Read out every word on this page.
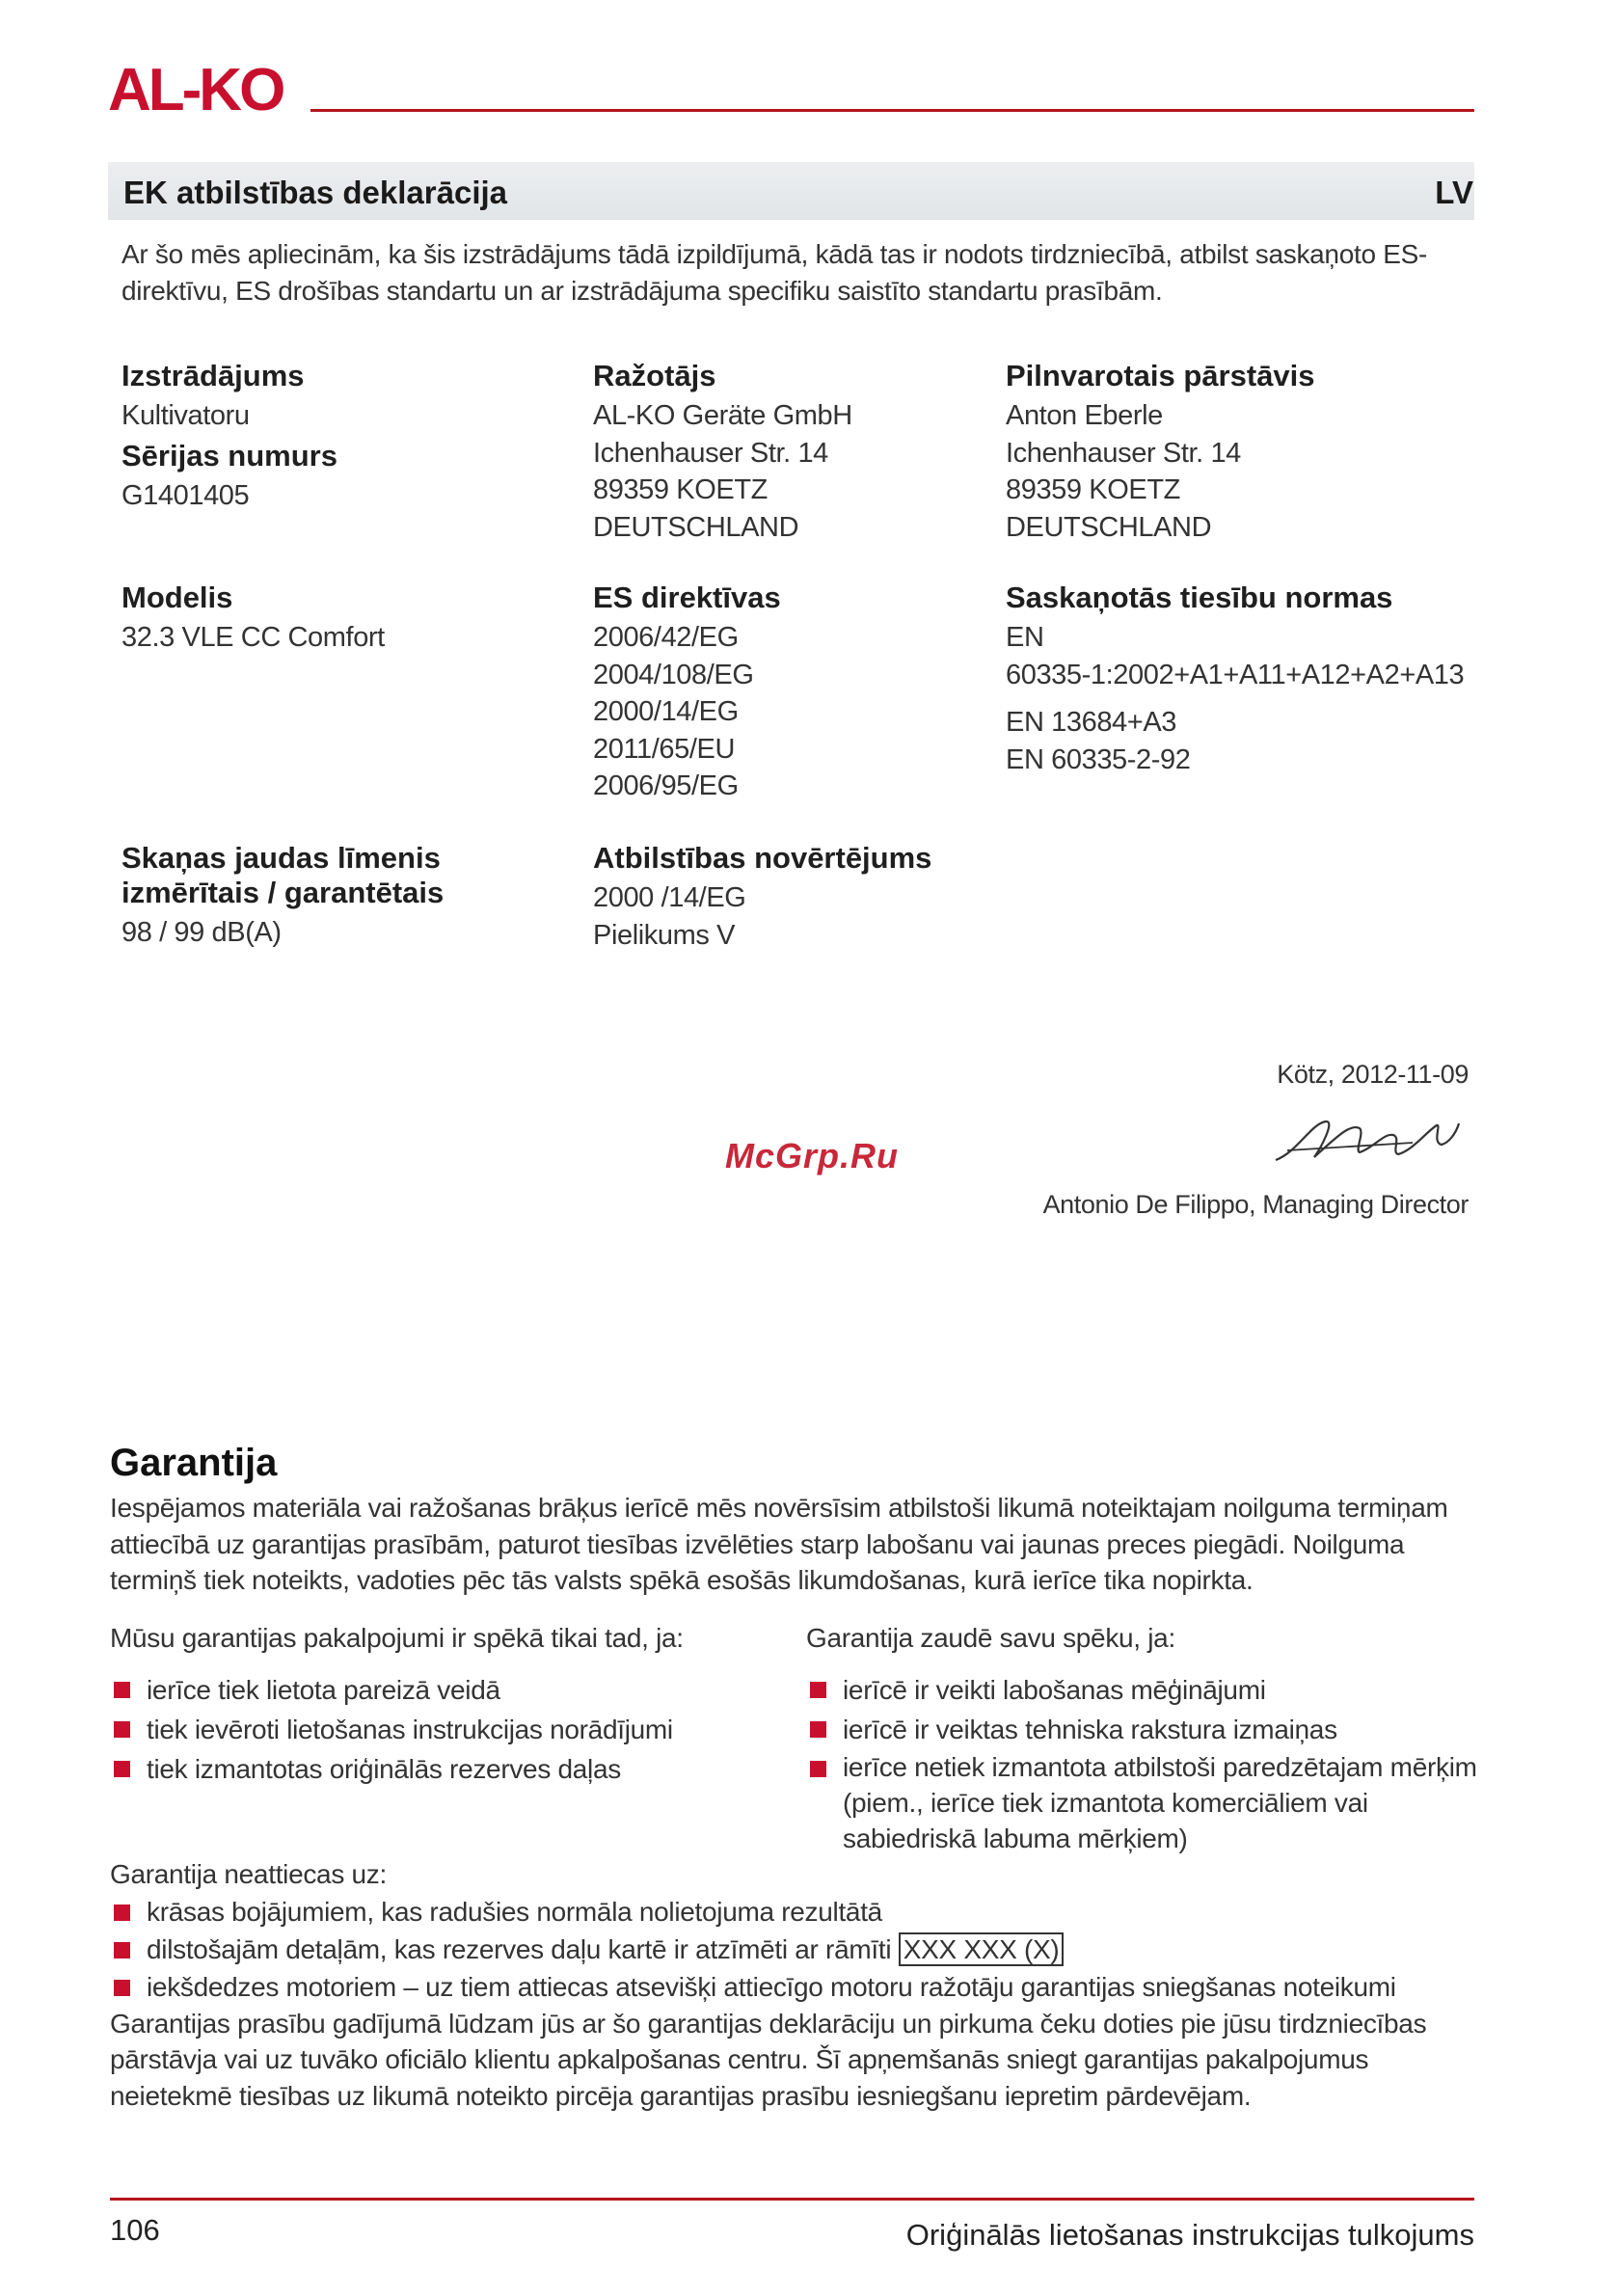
AL-KO
EK atbilstības deklarācija	LV
Ar šo mēs apliecinām, ka šis izstrādājums tādā izpildījumā, kādā tas ir nodots tirdzniecībā, atbilst saskaņoto ES-direktīvu, ES drošības standartu un ar izstrādājuma specifiku saistīto standartu prasībām.
Izstrādājums
Kultivatoru
Sērijas numurs
G1401405
Modelis
32.3 VLE CC Comfort
Skaņas jaudas līmenis
izmērītais / garantētais
98 / 99 dB(A)
Ražotājs
AL-KO Geräte GmbH
Ichenhauser Str. 14
89359 KOETZ
DEUTSCHLAND
ES direktīvas
2006/42/EG
2004/108/EG
2000/14/EG
2011/65/EU
2006/95/EG
Atbilstības novērtējums
2000 /14/EG
Pielikums V
Pilnvarotais pārstāvis
Anton Eberle
Ichenhauser Str. 14
89359 KOETZ
DEUTSCHLAND
Saskaņotās tiesību normas
EN
60335-1:2002+A1+A11+A12+A2+A13
EN 13684+A3
EN 60335-2-92
Kötz, 2012-11-09
McGrp.Ru
Antonio De Filippo, Managing Director
Garantija
Iespējamos materiāla vai ražošanas brāķus ierīcē mēs novērsīsim atbilstoši likumā noteiktajam noilguma termiņam attiecībā uz garantijas prasībām, paturot tiesības izvēlēties starp labošanu vai jaunas preces piegādi. Noilguma termiņš tiek noteikts, vadoties pēc tās valsts spēkā esošās likumdošanas, kurā ierīce tika nopirkta.
Mūsu garantijas pakalpojumi ir spēkā tikai tad, ja:
ierīce tiek lietota pareizā veidā
tiek ievēroti lietošanas instrukcijas norādījumi
tiek izmantotas oriģinālās rezerves daļas
Garantija zaudē savu spēku, ja:
ierīcē ir veikti labošanas mēģinājumi
ierīcē ir veiktas tehniska rakstura izmaiņas
ierīce netiek izmantota atbilstoši paredzētajam mērķim (piem., ierīce tiek izmantota komerciāliem vai sabiedriskā labuma mērķiem)
Garantija neattiecas uz:
krāsas bojājumiem, kas radušies normāla nolietojuma rezultātā
dilstošajām detaļām, kas rezerves daļu kartē ir atzīmēti ar rāmīti XXX XXX (X)
iekšdedzes motoriem – uz tiem attiecas atsevišķi attiecīgo motoru ražotāju garantijas sniegšanas noteikumi
Garantijas prasību gadījumā lūdzam jūs ar šo garantijas deklarāciju un pirkuma čeku doties pie jūsu tirdzniecības pārstāvja vai uz tuvāko oficiālo klientu apkalpošanas centru. Šī apņemšanās sniegt garantijas pakalpojumus neietekmē tiesības uz likumā noteikto pircēja garantijas prasību iesniegšanu iepretim pārdevējam.
106	Oriģinālās lietošanas instrukcijas tulkojums
